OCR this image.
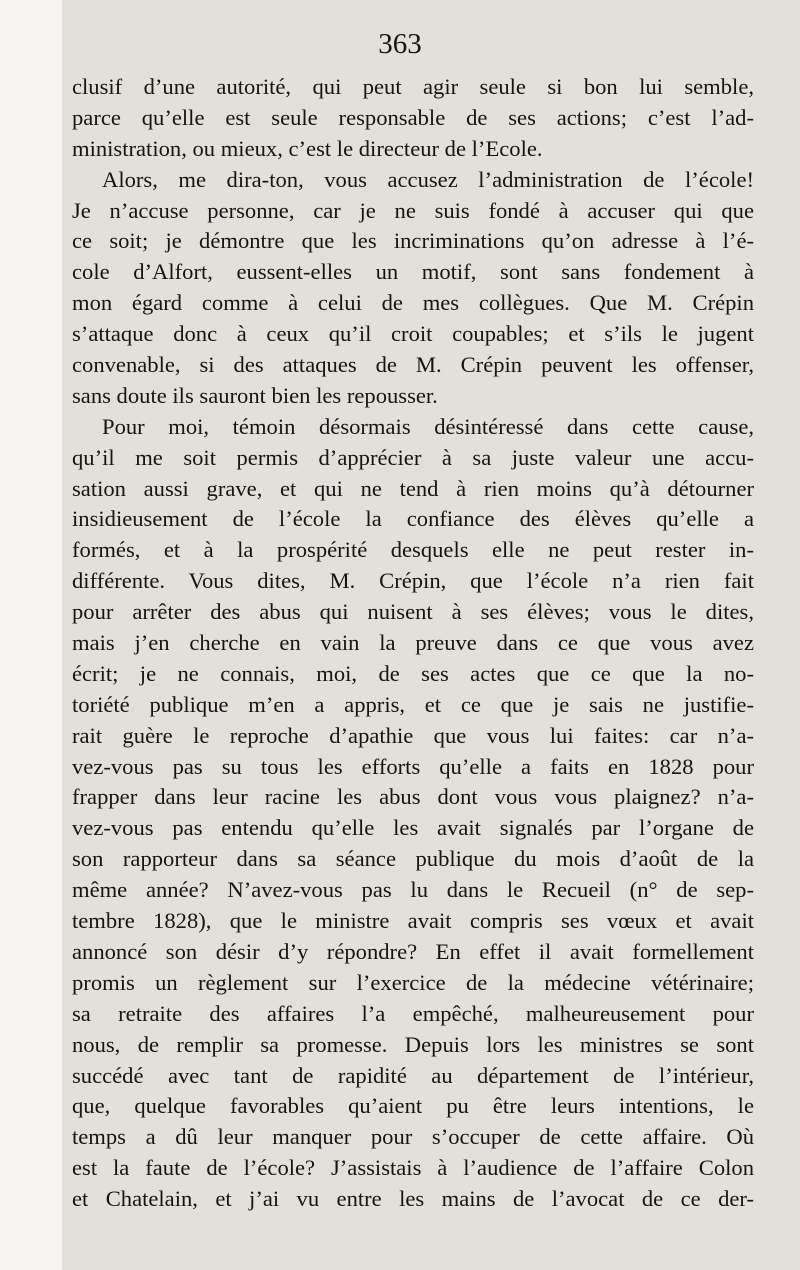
363
clusif d’une autorité, qui peut agir seule si bon lui semble,
parce qu’elle est seule responsable de ses actions; c’est l’ad-
ministration, ou mieux, c’est le directeur de l’Ecole.
Alors, me dira-ton, vous accusez l’administration de l’école!
Je n’accuse personne, car je ne suis fondé à accuser qui que
ce soit; je démontre que les incriminations qu’on adresse à l’é-
cole d’Alfort, eussent-elles un motif, sont sans fondement à
mon égard comme à celui de mes collègues. Que M. Crépin
s’attaque donc à ceux qu’il croit coupables; et s’ils le jugent
convenable, si des attaques de M. Crépin peuvent les offenser,
sans doute ils sauront bien les repousser.
Pour moi, témoin désormais désintéressé dans cette cause,
qu’il me soit permis d’apprécier à sa juste valeur une accu-
sation aussi grave, et qui ne tend à rien moins qu’à détourner
insidieusement de l’école la confiance des élèves qu’elle a
formés, et à la prospérité desquels elle ne peut rester in-
différente. Vous dites, M. Crépin, que l’école n’a rien fait
pour arrêter des abus qui nuisent à ses élèves; vous le dites,
mais j’en cherche en vain la preuve dans ce que vous avez
écrit; je ne connais, moi, de ses actes que ce que la no-
toriété publique m’en a appris, et ce que je sais ne justifie-
rait guère le reproche d’apathie que vous lui faites: car n’a-
vez-vous pas su tous les efforts qu’elle a faits en 1828 pour
frapper dans leur racine les abus dont vous vous plaignez? n’a-
vez-vous pas entendu qu’elle les avait signalés par l’organe de
son rapporteur dans sa séance publique du mois d’août de la
même année? N’avez-vous pas lu dans le Recueil (n° de sep-
tembre 1828), que le ministre avait compris ses vœux et avait
annoncé son désir d’y répondre? En effet il avait formellement
promis un règlement sur l’exercice de la médecine vétérinaire;
sa retraite des affaires l’a empêché, malheureusement pour
nous, de remplir sa promesse. Depuis lors les ministres se sont
succédé avec tant de rapidité au département de l’intérieur,
que, quelque favorables qu’aient pu être leurs intentions, le
temps a dû leur manquer pour s’occuper de cette affaire. Où
est la faute de l’école? J’assistais à l’audience de l’affaire Colon
et Chatelain, et j’ai vu entre les mains de l’avocat de ce der-
